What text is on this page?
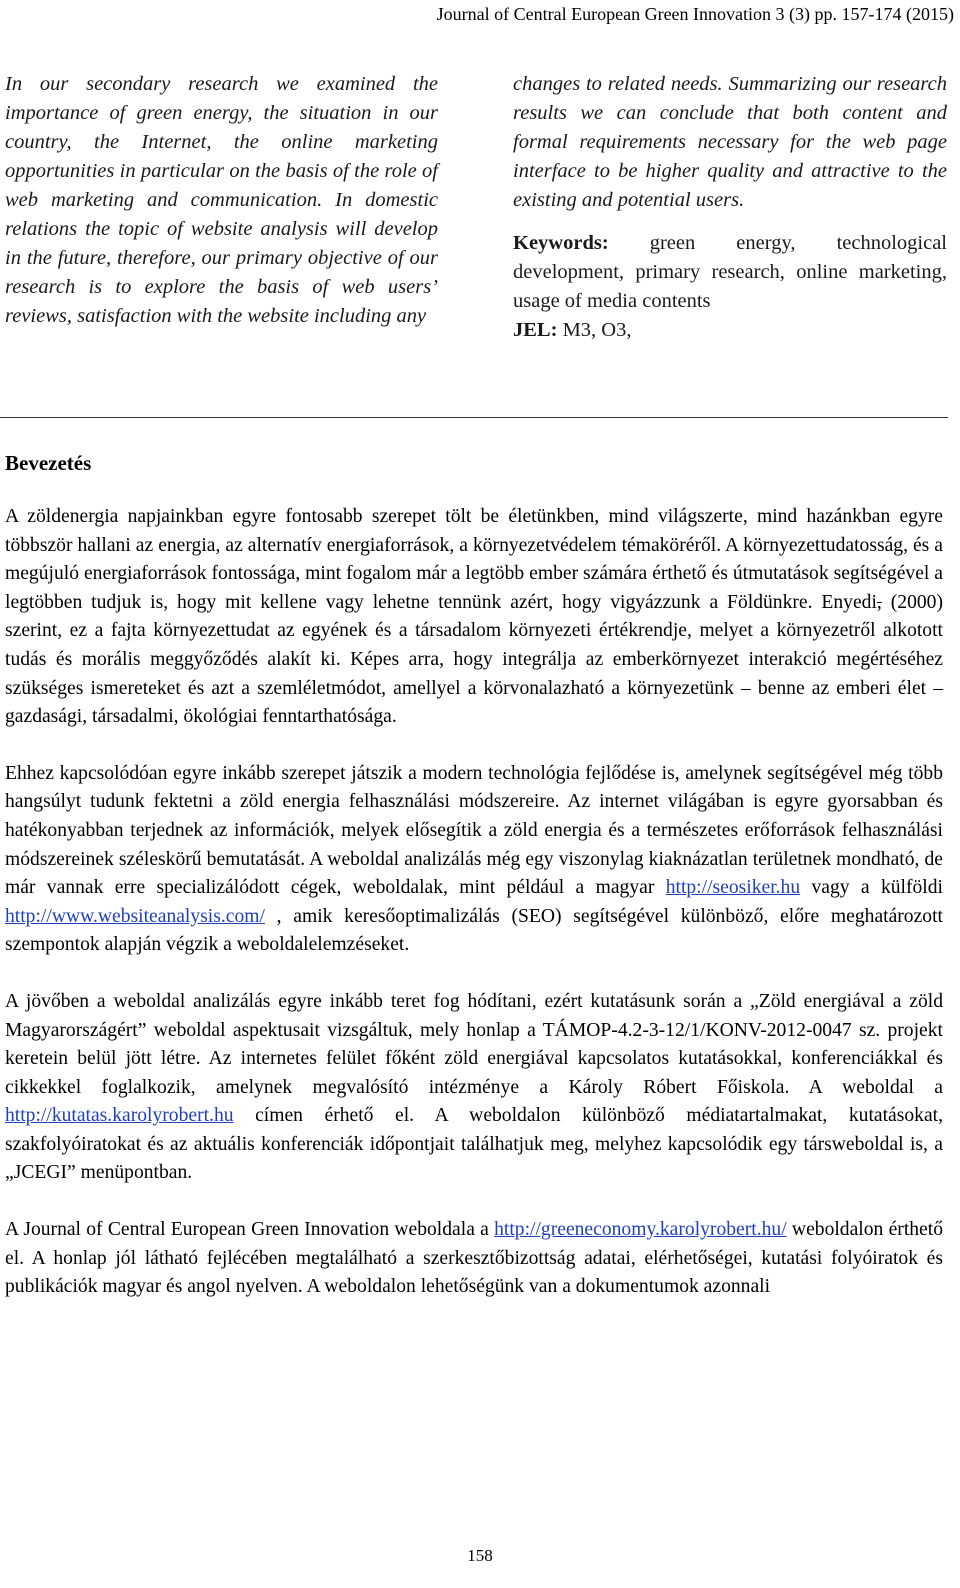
Journal of Central European Green Innovation 3 (3) pp. 157-174 (2015)
In our secondary research we examined the importance of green energy, the situation in our country, the Internet, the online marketing opportunities in particular on the basis of the role of web marketing and communication. In domestic relations the topic of website analysis will develop in the future, therefore, our primary objective of our research is to explore the basis of web users’ reviews, satisfaction with the website including any

changes to related needs. Summarizing our research results we can conclude that both content and formal requirements necessary for the web page interface to be higher quality and attractive to the existing and potential users.

Keywords: green energy, technological development, primary research, online marketing, usage of media contents
JEL: M3, O3,

Bevezetés

A zöldenergia napjainkban egyre fontosabb szerepet tölt be életünkben, mind világszerte, mind hazánkban egyre többször hallani az energia, az alternatív energiaforrások, a környezetvédelem témaköréről. A környezettudatosság, és a megújuló energiaforrások fontossága, mint fogalom már a legtöbb ember számára érthető és útmutatások segítségével a legtöbben tudjuk is, hogy mit kellene vagy lehetne tennünk azért, hogy vigyázzunk a Földünkre. Enyedi, (2000) szerint, ez a fajta környezettudat az egyének és a társadalom környezeti értékrendje, melyet a környezetről alkotott tudás és morális meggyőződés alakít ki. Képes arra, hogy integrálja az emberkörnyezet interakció megértéséhez szükséges ismereteket és azt a szemléletmódot, amellyel a körvonalazható a környezetünk – benne az emberi élet – gazdasági, társadalmi, ökológiai fenntarthatósága.

Ehhez kapcsolódóan egyre inkább szerepet játszik a modern technológia fejlődése is, amelynek segítségével még több hangsúlyt tudunk fektetni a zöld energia felhasználási módszereire. Az internet világában is egyre gyorsabban és hatékonyabban terjednek az információk, melyek elősegítik a zöld energia és a természetes erőforrások felhasználási módszereinek széleskörű bemutatását. A weboldal analizálás még egy viszonylag kiaknázatlan területnek mondható, de már vannak erre specializálódott cégek, weboldalak, mint például a magyar http://seosiker.hu vagy a külföldi http://www.websiteanalysis.com/ , amik keresőoptimalizálás (SEO) segítségével különböző, előre meghatározott szempontok alapján végzik a weboldalelemzéseket.

A jövőben a weboldal analizálás egyre inkább teret fog hódítani, ezért kutatásunk során a „Zöld energiával a zöld Magyarországért” weboldal aspektusait vizsgáltuk, mely honlap a TÁMOP-4.2-3-12/1/KONV-2012-0047 sz. projekt keretein belül jött létre. Az internetes felület főként zöld energiával kapcsolatos kutatásokkal, konferenciákkal és cikkekkel foglalkozik, amelynek megvalósító intézménye a Károly Róbert Főiskola. A weboldal a http://kutatas.karolyrobert.hu címen érhető el. A weboldalon különböző médiatartalmakat, kutatásokat, szakfolyóiratokat és az aktuális konferenciák időpontjait találhatjuk meg, melyhez kapcsolódik egy társweboldal is, a „JCEGI” menüpontban.

A Journal of Central European Green Innovation weboldala a http://greeneconomy.karolyrobert.hu/ weboldalon érthető el. A honlap jól látható fejlécében megtalálható a szerkesztőbizottság adatai, elérhetőségei, kutatási folyóiratok és publikációk magyar és angol nyelven. A weboldalon lehetőségünk van a dokumentumok azonnali

158
